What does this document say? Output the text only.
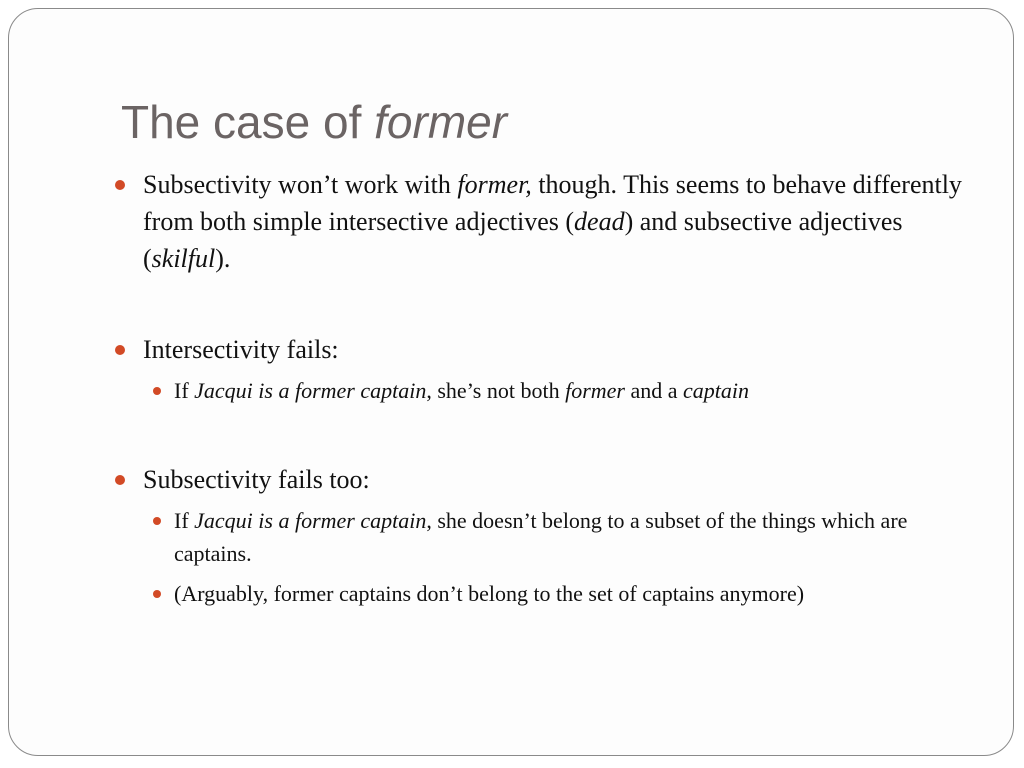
The case of former

Subsectivity won’t work with former, though. This seems to behave differently from both simple intersective adjectives (dead) and subsective adjectives (skilful).

Intersectivity fails:

If Jacqui is a former captain, she’s not both former and a captain

Subsectivity fails too:

If Jacqui is a former captain, she doesn’t belong to a subset of the things which are captains.

(Arguably, former captains don’t belong to the set of captains anymore)
